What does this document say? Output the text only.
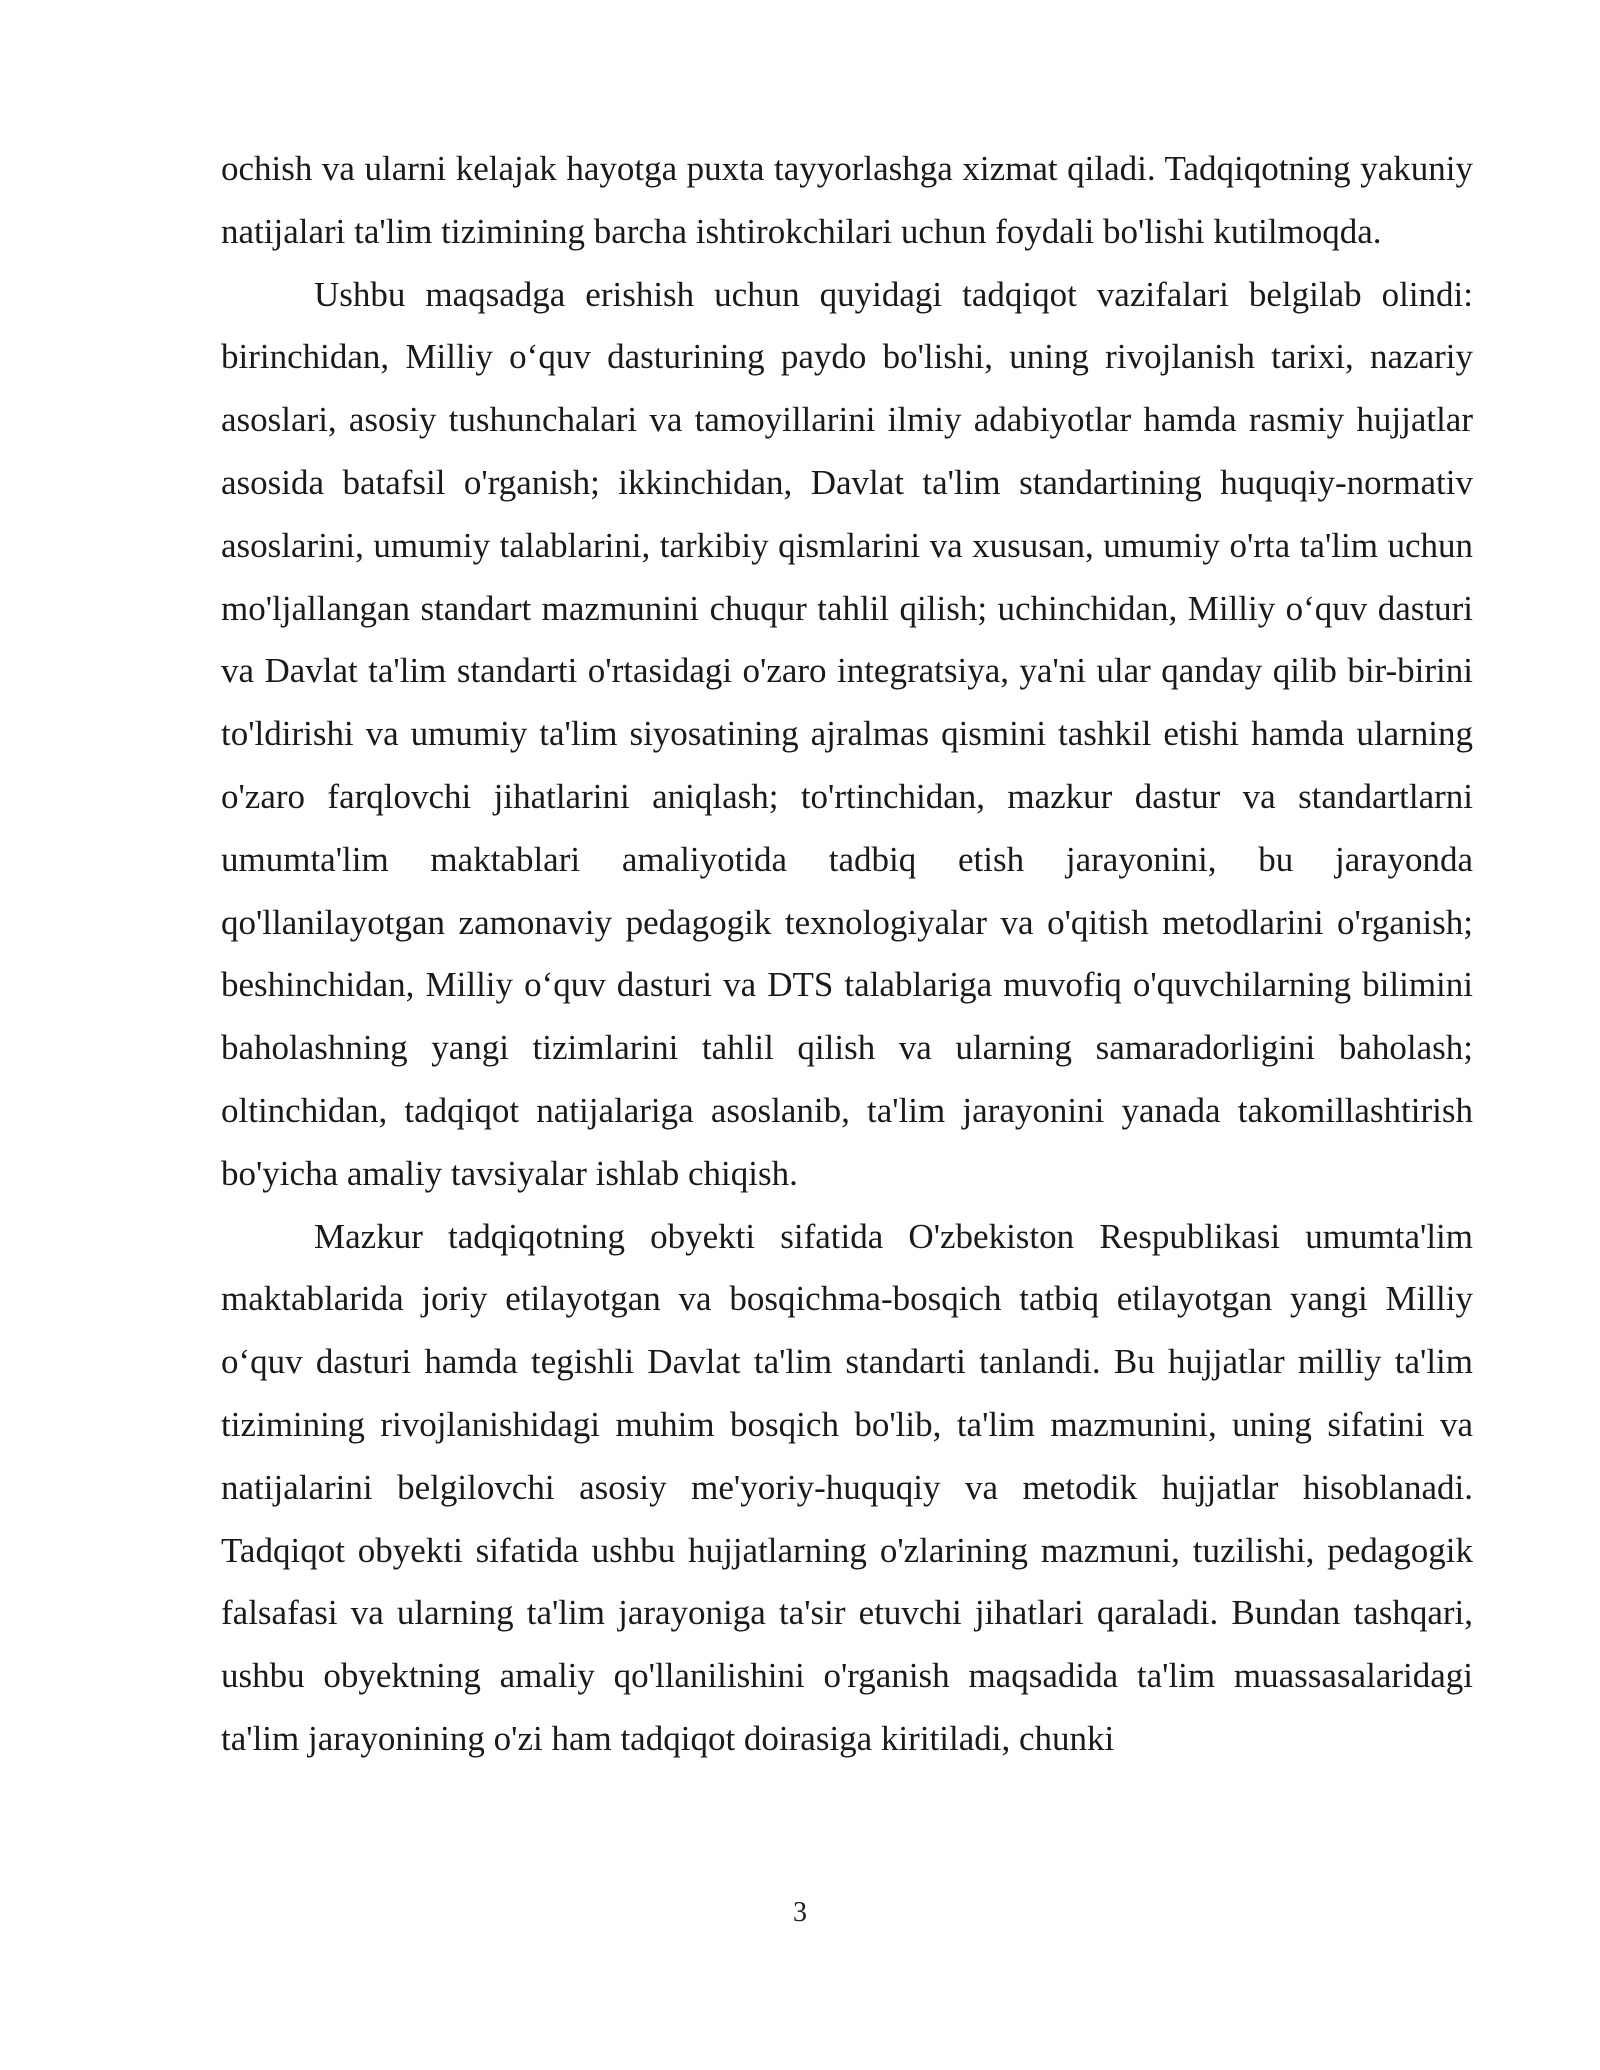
ochish va ularni kelajak hayotga puxta tayyorlashga xizmat qiladi. Tadqiqotning yakuniy natijalari ta'lim tizimining barcha ishtirokchilari uchun foydali bo'lishi kutilmoqda.

Ushbu maqsadga erishish uchun quyidagi tadqiqot vazifalari belgilab olindi: birinchidan, Milliy o‘quv dasturining paydo bo'lishi, uning rivojlanish tarixi, nazariy asoslari, asosiy tushunchalari va tamoyillarini ilmiy adabiyotlar hamda rasmiy hujjatlar asosida batafsil o'rganish; ikkinchidan, Davlat ta'lim standartining huquqiy-normativ asoslarini, umumiy talablarini, tarkibiy qismlarini va xususan, umumiy o'rta ta'lim uchun mo'ljallangan standart mazmunini chuqur tahlil qilish; uchinchidan, Milliy o‘quv dasturi va Davlat ta'lim standarti o'rtasidagi o'zaro integratsiya, ya'ni ular qanday qilib bir-birini to'ldirishi va umumiy ta'lim siyosatining ajralmas qismini tashkil etishi hamda ularning o'zaro farqlovchi jihatlarini aniqlash; to'rtinchidan, mazkur dastur va standartlarni umumta'lim maktablari amaliyotida tadbiq etish jarayonini, bu jarayonda qo'llanilayotgan zamonaviy pedagogik texnologiyalar va o'qitish metodlarini o'rganish; beshinchidan, Milliy o‘quv dasturi va DTS talablariga muvofiq o'quvchilarning bilimini baholashning yangi tizimlarini tahlil qilish va ularning samaradorligini baholash; oltinchidan, tadqiqot natijalariga asoslanib, ta'lim jarayonini yanada takomillashtirish bo'yicha amaliy tavsiyalar ishlab chiqish.

Mazkur tadqiqotning obyekti sifatida O'zbekiston Respublikasi umumta'lim maktablarida joriy etilayotgan va bosqichma-bosqich tatbiq etilayotgan yangi Milliy o‘quv dasturi hamda tegishli Davlat ta'lim standarti tanlandi. Bu hujjatlar milliy ta'lim tizimining rivojlanishidagi muhim bosqich bo'lib, ta'lim mazmunini, uning sifatini va natijalarini belgilovchi asosiy me'yoriy-huquqiy va metodik hujjatlar hisoblanadi. Tadqiqot obyekti sifatida ushbu hujjatlarning o'zlarining mazmuni, tuzilishi, pedagogik falsafasi va ularning ta'lim jarayoniga ta'sir etuvchi jihatlari qaraladi. Bundan tashqari, ushbu obyektning amaliy qo'llanilishini o'rganish maqsadida ta'lim muassasalaridagi ta'lim jarayonining o'zi ham tadqiqot doirasiga kiritiladi, chunki

3
